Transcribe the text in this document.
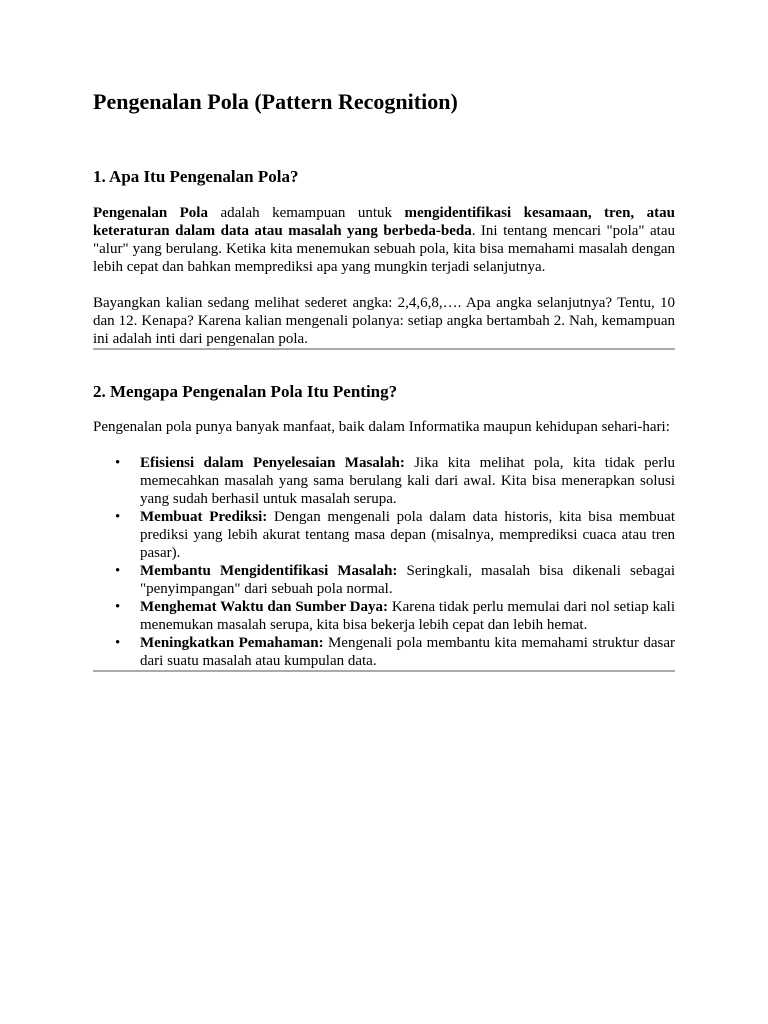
Pengenalan Pola (Pattern Recognition)
1. Apa Itu Pengenalan Pola?

Pengenalan Pola adalah kemampuan untuk mengidentifikasi kesamaan, tren, atau keteraturan dalam data atau masalah yang berbeda-beda. Ini tentang mencari "pola" atau "alur" yang berulang. Ketika kita menemukan sebuah pola, kita bisa memahami masalah dengan lebih cepat dan bahkan memprediksi apa yang mungkin terjadi selanjutnya.

Bayangkan kalian sedang melihat sederet angka: 2,4,6,8,…. Apa angka selanjutnya? Tentu, 10 dan 12. Kenapa? Karena kalian mengenali polanya: setiap angka bertambah 2. Nah, kemampuan ini adalah inti dari pengenalan pola.

2. Mengapa Pengenalan Pola Itu Penting?

Pengenalan pola punya banyak manfaat, baik dalam Informatika maupun kehidupan sehari-hari:

•	Efisiensi dalam Penyelesaian Masalah: Jika kita melihat pola, kita tidak perlu memecahkan masalah yang sama berulang kali dari awal. Kita bisa menerapkan solusi yang sudah berhasil untuk masalah serupa.
•	Membuat Prediksi: Dengan mengenali pola dalam data historis, kita bisa membuat prediksi yang lebih akurat tentang masa depan (misalnya, memprediksi cuaca atau tren pasar).
•	Membantu Mengidentifikasi Masalah: Seringkali, masalah bisa dikenali sebagai "penyimpangan" dari sebuah pola normal.
•	Menghemat Waktu dan Sumber Daya: Karena tidak perlu memulai dari nol setiap kali menemukan masalah serupa, kita bisa bekerja lebih cepat dan lebih hemat.
•	Meningkatkan Pemahaman: Mengenali pola membantu kita memahami struktur dasar dari suatu masalah atau kumpulan data.
